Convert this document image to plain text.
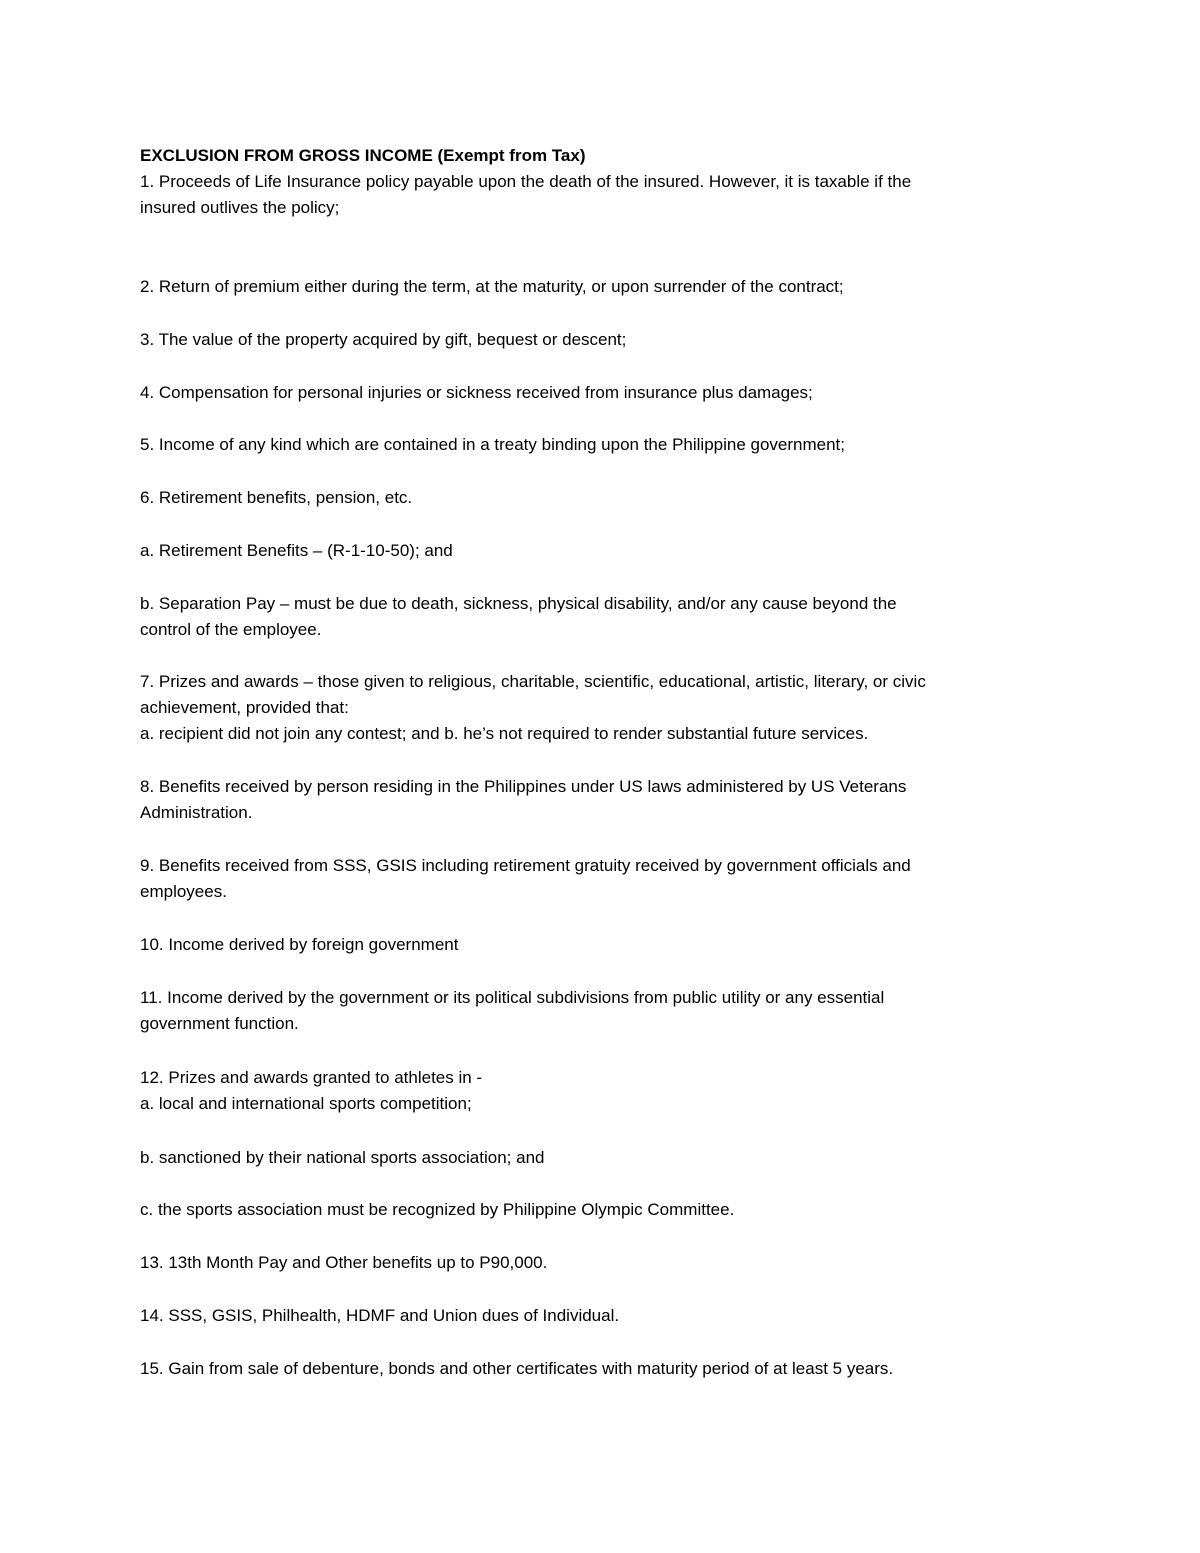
EXCLUSION FROM GROSS INCOME (Exempt from Tax)
1. Proceeds of Life Insurance policy payable upon the death of the insured. However, it is taxable if the
insured outlives the policy;
2. Return of premium either during the term, at the maturity, or upon surrender of the contract;
3. The value of the property acquired by gift, bequest or descent;
4. Compensation for personal injuries or sickness received from insurance plus damages;
5. Income of any kind which are contained in a treaty binding upon the Philippine government;
6. Retirement benefits, pension, etc.
a. Retirement Benefits – (R-1-10-50); and
b. Separation Pay – must be due to death, sickness, physical disability, and/or any cause beyond the
control of the employee.
7. Prizes and awards – those given to religious, charitable, scientific, educational, artistic, literary, or civic
achievement, provided that:
a. recipient did not join any contest; and b. he’s not required to render substantial future services.
8. Benefits received by person residing in the Philippines under US laws administered by US Veterans
Administration.
9. Benefits received from SSS, GSIS including retirement gratuity received by government officials and
employees.
10. Income derived by foreign government
11. Income derived by the government or its political subdivisions from public utility or any essential
government function.
12. Prizes and awards granted to athletes in -
a. local and international sports competition;
b. sanctioned by their national sports association; and
c. the sports association must be recognized by Philippine Olympic Committee.
13. 13th Month Pay and Other benefits up to P90,000.
14. SSS, GSIS, Philhealth, HDMF and Union dues of Individual.
15. Gain from sale of debenture, bonds and other certificates with maturity period of at least 5 years.
